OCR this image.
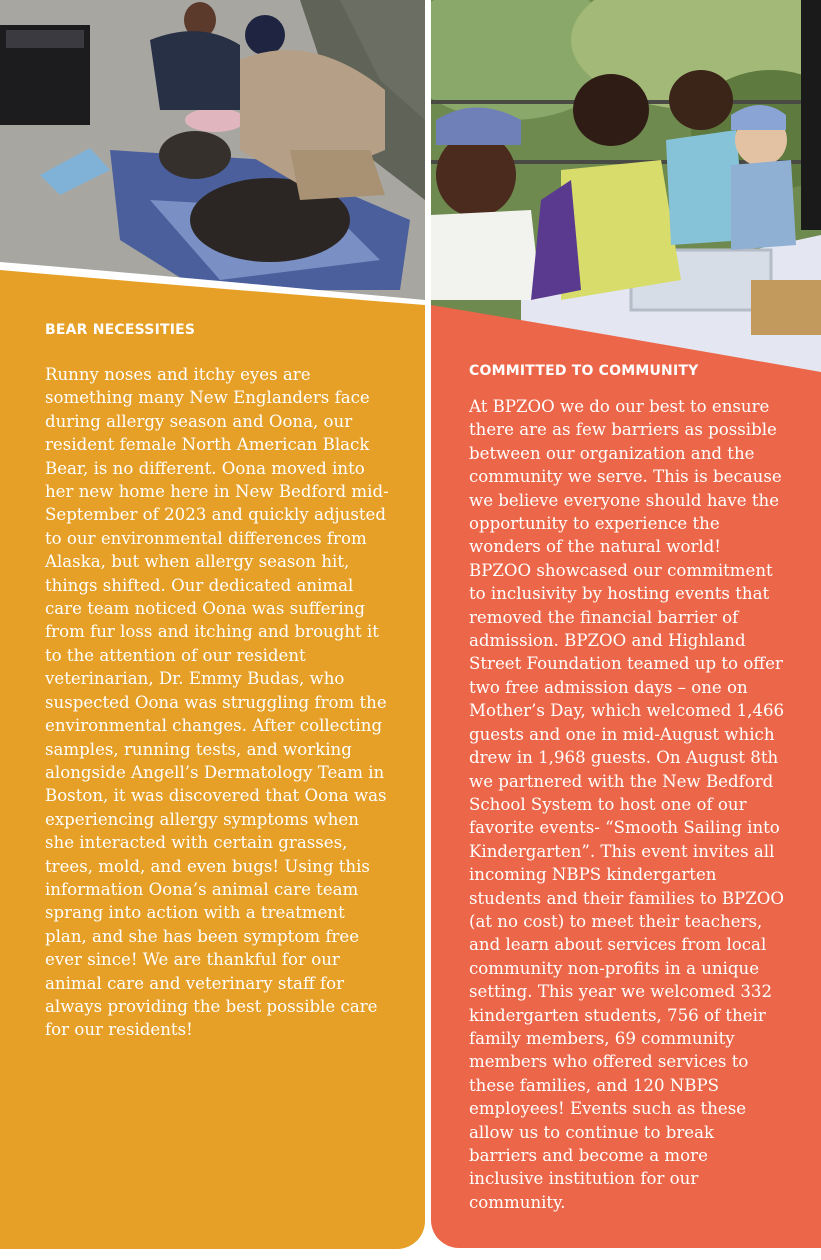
BEAR NECESSITIES

Runny noses and itchy eyes are
something many New Englanders face
during allergy season and Oona, our
resident female North American Black
Bear, is no different. Oona moved into
her new home here in New Bedford mid-
September of 2023 and quickly adjusted
to our environmental differences from
Alaska, but when allergy season hit,
things shifted. Our dedicated animal
care team noticed Oona was suffering
from fur loss and itching and brought it
to the attention of our resident
veterinarian, Dr. Emmy Budas, who
suspected Oona was struggling from the
environmental changes. After collecting
samples, running tests, and working
alongside Angell’s Dermatology Team in
Boston, it was discovered that Oona was
experiencing allergy symptoms when
she interacted with certain grasses,
trees, mold, and even bugs! Using this
information Oona’s animal care team
sprang into action with a treatment
plan, and she has been symptom free
ever since! We are thankful for our
animal care and veterinary staff for
always providing the best possible care
for our residents!

COMMITTED TO COMMUNITY

At BPZOO we do our best to ensure
there are as few barriers as possible
between our organization and the
community we serve. This is because
we believe everyone should have the
opportunity to experience the
wonders of the natural world!
BPZOO showcased our commitment
to inclusivity by hosting events that
removed the financial barrier of
admission. BPZOO and Highland
Street Foundation teamed up to offer
two free admission days – one on
Mother’s Day, which welcomed 1,466
guests and one in mid-August which
drew in 1,968 guests. On August 8th
we partnered with the New Bedford
School System to host one of our
favorite events- “Smooth Sailing into
Kindergarten”. This event invites all
incoming NBPS kindergarten
students and their families to BPZOO
(at no cost) to meet their teachers,
and learn about services from local
community non-profits in a unique
setting. This year we welcomed 332
kindergarten students, 756 of their
family members, 69 community
members who offered services to
these families, and 120 NBPS
employees! Events such as these
allow us to continue to break
barriers and become a more
inclusive institution for our
community.
